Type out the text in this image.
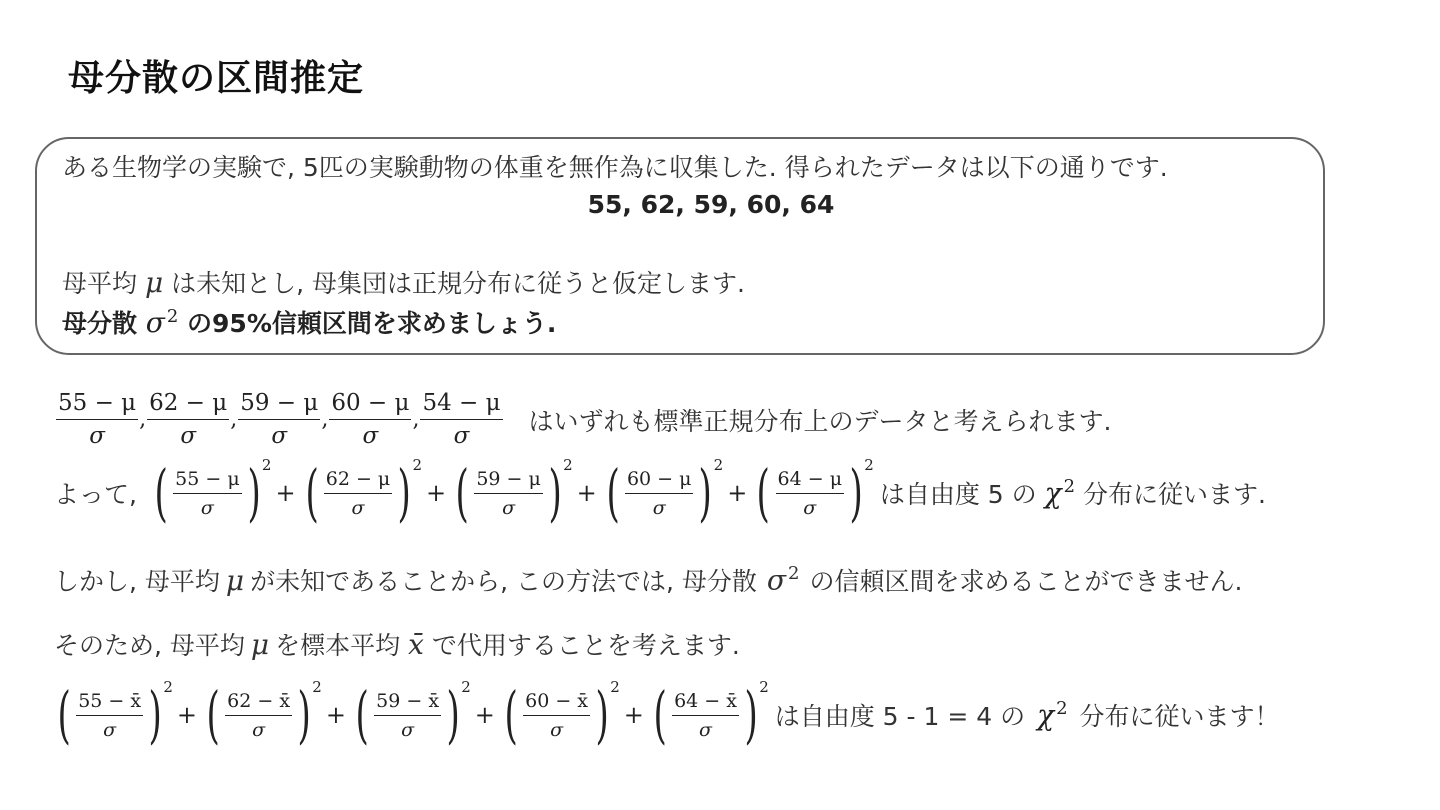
母分散の区間推定
ある生物学の実験で, 5匹の実験動物の体重を無作為に収集した. 得られたデータは以下の通りです.
55, 62, 59, 60, 64
母平均 μ は未知とし, 母集団は正規分布に従うと仮定します.
母分散 σ $^2$ の95%信頼区間を求めましょう.
$\frac{55 - \mu}{\sigma}$ , $\frac{62 - \mu}{\sigma}$ , $\frac{59 - \mu}{\sigma}$ , $\frac{60 - \mu}{\sigma}$ , $\frac{54 - \mu}{\sigma}$ はいずれも標準正規分布上のデータと考えられます.
よって, ( $\frac{55 - \mu}{\sigma}$ ) 2
+ ( $\frac{62 - \mu}{\sigma}$ ) 2
+ ( $\frac{59 - \mu}{\sigma}$ ) 2
+ ( $\frac{60 - \mu}{\sigma}$ ) 2
+ ( $\frac{64 - \mu}{\sigma}$ ) 2
は自由度 5 の χ $^2$ 分布に従います.
しかし, 母平均 μ が未知であることから, この方法では, 母分散 σ $^2$ の信頼区間を求めることができません.
そのため, 母平均 μ を標本平均 x̄ で代用することを考えます.
( $\frac{55 - x̄}{\sigma}$ ) 2
+ ( $\frac{62 - x̄}{\sigma}$ ) 2
+ ( $\frac{59 - x̄}{\sigma}$ ) 2
+ ( $\frac{60 - x̄}{\sigma}$ ) 2
+ ( $\frac{64 - x̄}{\sigma}$ ) 2
は自由度 5 - 1 = 4 の χ $^2$ 分布に従います！
